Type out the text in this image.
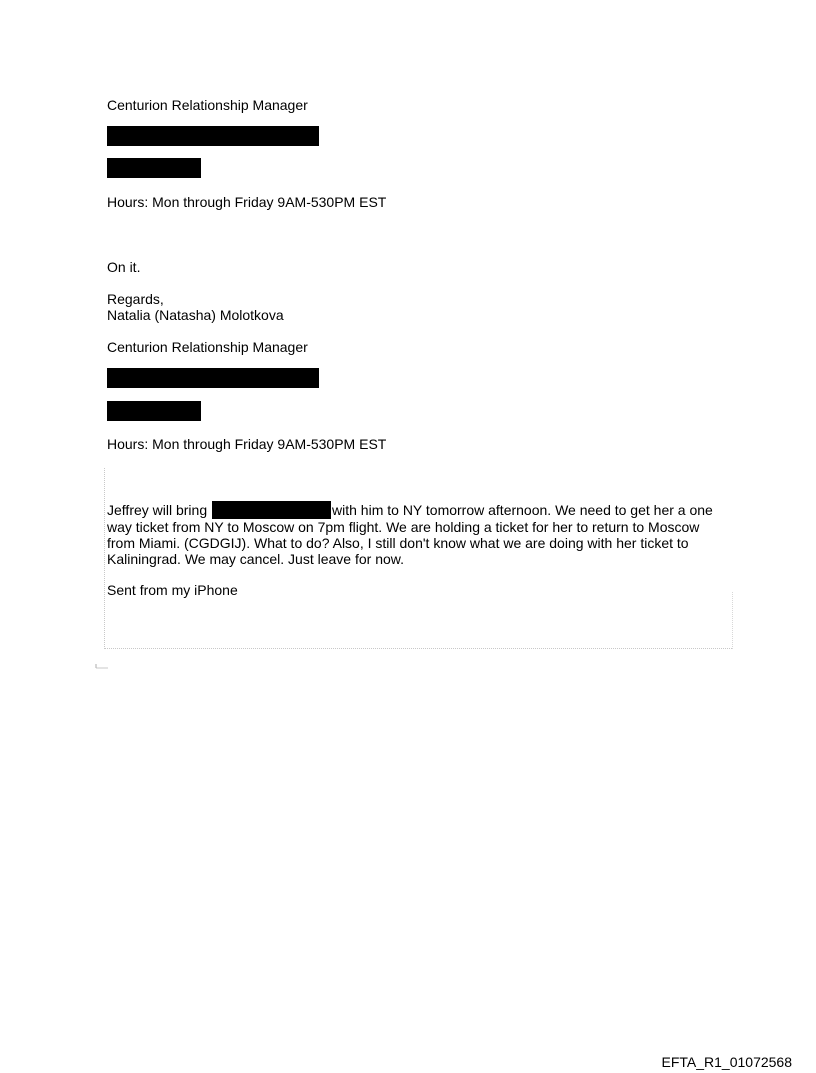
Centurion Relationship Manager
Hours: Mon through Friday 9AM-530PM EST
On it.
Regards,
Natalia (Natasha) Molotkova
Centurion Relationship Manager
Hours: Mon through Friday 9AM-530PM EST
Jeffrey will bring	with him to NY tomorrow afternoon. We need to get her a one way ticket from NY to Moscow on 7pm flight. We are holding a ticket for her to return to Moscow from Miami. (CGDGIJ). What to do? Also, I still don't know what we are doing with her ticket to Kaliningrad. We may cancel. Just leave for now.
Sent from my iPhone
EFTA_R1_01072568
